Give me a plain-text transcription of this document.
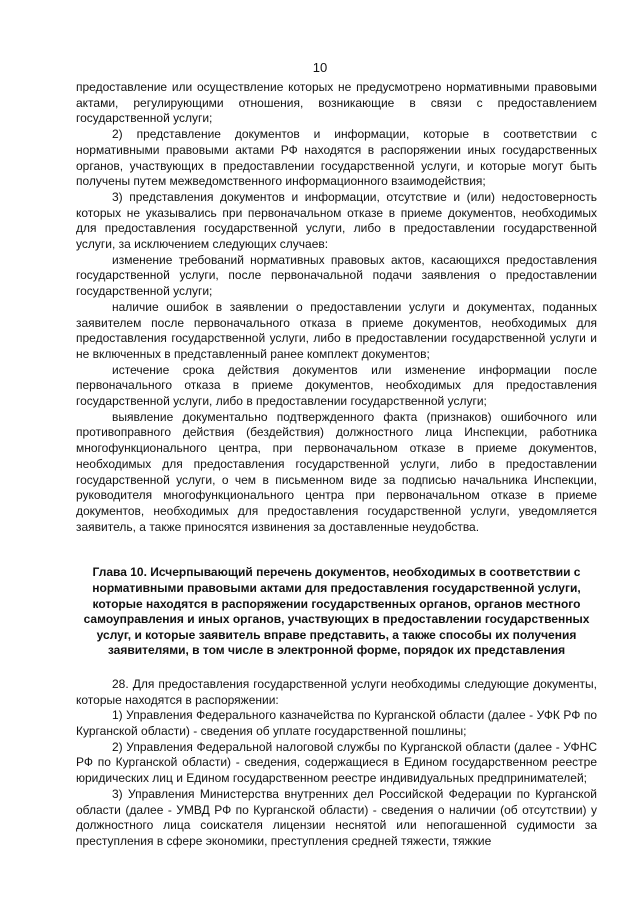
10

предоставление или осуществление которых не предусмотрено нормативными правовыми актами, регулирующими отношения, возникающие в связи с предоставлением государственной услуги;

2) представление документов и информации, которые в соответствии с нормативными правовыми актами РФ находятся в распоряжении иных государственных органов, участвующих в предоставлении государственной услуги, и которые могут быть получены путем межведомственного информационного взаимодействия;

3) представления документов и информации, отсутствие и (или) недостоверность которых не указывались при первоначальном отказе в приеме документов, необходимых для предоставления государственной услуги, либо в предоставлении государственной услуги, за исключением следующих случаев:

изменение требований нормативных правовых актов, касающихся предоставления государственной услуги, после первоначальной подачи заявления о предоставлении государственной услуги;

наличие ошибок в заявлении о предоставлении услуги и документах, поданных заявителем после первоначального отказа в приеме документов, необходимых для предоставления государственной услуги, либо в предоставлении государственной услуги и не включенных в представленный ранее комплект документов;

истечение срока действия документов или изменение информации после первоначального отказа в приеме документов, необходимых для предоставления государственной услуги, либо в предоставлении государственной услуги;

выявление документально подтвержденного факта (признаков) ошибочного или противоправного действия (бездействия) должностного лица Инспекции, работника многофункционального центра, при первоначальном отказе в приеме документов, необходимых для предоставления государственной услуги, либо в предоставлении государственной услуги, о чем в письменном виде за подписью начальника Инспекции, руководителя многофункционального центра при первоначальном отказе в приеме документов, необходимых для предоставления государственной услуги, уведомляется заявитель, а также приносятся извинения за доставленные неудобства.

Глава 10. Исчерпывающий перечень документов, необходимых в соответствии с нормативными правовыми актами для предоставления государственной услуги, которые находятся в распоряжении государственных органов, органов местного самоуправления и иных органов, участвующих в предоставлении государственных услуг, и которые заявитель вправе представить, а также способы их получения заявителями, в том числе в электронной форме, порядок их представления

28. Для предоставления государственной услуги необходимы следующие документы, которые находятся в распоряжении:

1) Управления Федерального казначейства по Курганской области (далее - УФК РФ по Курганской области) - сведения об уплате государственной пошлины;

2) Управления Федеральной налоговой службы по Курганской области (далее - УФНС РФ по Курганской области) - сведения, содержащиеся в Едином государственном реестре юридических лиц и Едином государственном реестре индивидуальных предпринимателей;

3) Управления Министерства внутренних дел Российской Федерации по Курганской области (далее - УМВД РФ по Курганской области) - сведения о наличии (об отсутствии) у должностного лица соискателя лицензии неснятой или непогашенной судимости за преступления в сфере экономики, преступления средней тяжести, тяжкие
